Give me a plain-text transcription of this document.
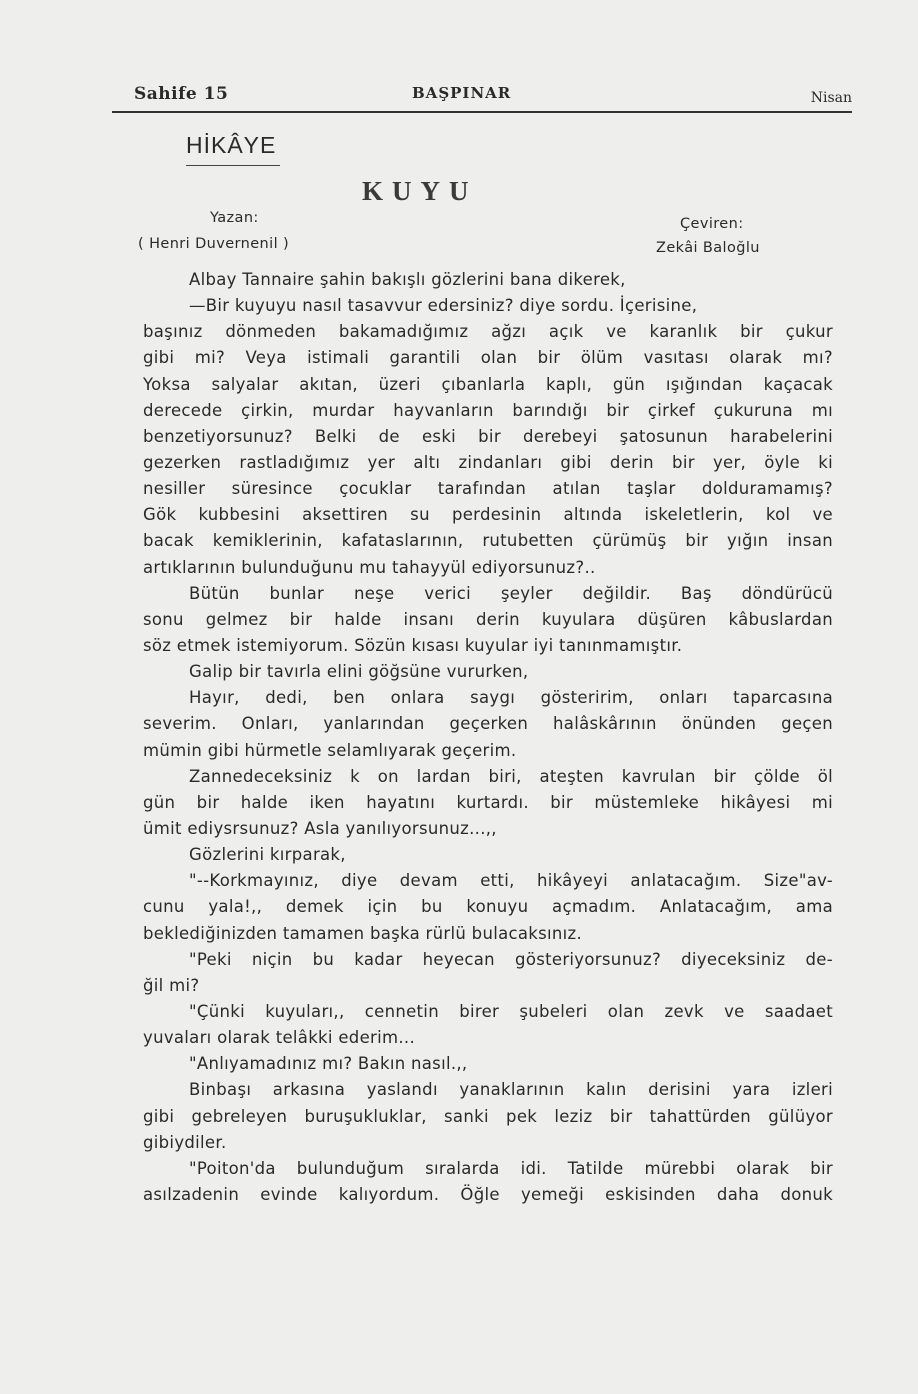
Sahife 15	BAŞPINAR	Nisan
HİKÂYE
KUYU
Yazan:
( Henri Duvernenil )
Çeviren:
Zekâi Baloğlu
Albay Tannaire şahin bakışlı gözlerini bana dikerek,
—Bir kuyuyu nasıl tasavvur edersiniz? diye sordu. İçerisine,
başınız dönmeden bakamadığımız ağzı açık ve karanlık bir çukur
gibi mi? Veya istimali garantili olan bir ölüm vasıtası olarak mı?
Yoksa salyalar akıtan, üzeri çıbanlarla kaplı, gün ışığından kaçacak
derecede çirkin, murdar hayvanların barındığı bir çirkef çukuruna mı
benzetiyorsunuz? Belki de eski bir derebeyi şatosunun harabelerini
gezerken rastladığımız yer altı zindanları gibi derin bir yer, öyle ki
nesiller süresince çocuklar tarafından atılan taşlar dolduramamış?
Gök kubbesini aksettiren su perdesinin altında iskeletlerin, kol ve
bacak kemiklerinin, kafataslarının, rutubetten çürümüş bir yığın insan
artıklarının bulunduğunu mu tahayyül ediyorsunuz?..
Bütün bunlar neşe verici şeyler değildir. Baş döndürücü
sonu gelmez bir halde insanı derin kuyulara düşüren kâbuslardan
söz etmek istemiyorum. Sözün kısası kuyular iyi tanınmamıştır.
Galip bir tavırla elini göğsüne vururken,
Hayır, dedi, ben onlara saygı gösteririm, onları taparcasına
severim. Onları, yanlarından geçerken halâskârının önünden geçen
mümin gibi hürmetle selamlıyarak geçerim.
Zannedeceksiniz k on lardan biri, ateşten kavrulan bir çölde öl
gün bir halde iken hayatını kurtardı. bir müstemleke hikâyesi mi
ümit ediysrsunuz? Asla yanılıyorsunuz...,,
Gözlerini kırparak,
"--Korkmayınız, diye devam etti, hikâyeyi anlatacağım. Size"av-
cunu yala!,, demek için bu konuyu açmadım. Anlatacağım, ama
beklediğinizden tamamen başka rürlü bulacaksınız.
"Peki niçin bu kadar heyecan gösteriyorsunuz? diyeceksiniz de-
ğil mi?
"Çünki kuyuları,, cennetin birer şubeleri olan zevk ve saadaet
yuvaları olarak telâkki ederim...
"Anlıyamadınız mı? Bakın nasıl.,,
Binbaşı arkasına yaslandı yanaklarının kalın derisini yara izleri
gibi gebreleyen buruşukluklar, sanki pek leziz bir tahattürden gülüyor
gibiydiler.
"Poiton'da bulunduğum sıralarda idi. Tatilde mürebbi olarak bir
asılzadenin evinde kalıyordum. Öğle yemeği eskisinden daha donuk
